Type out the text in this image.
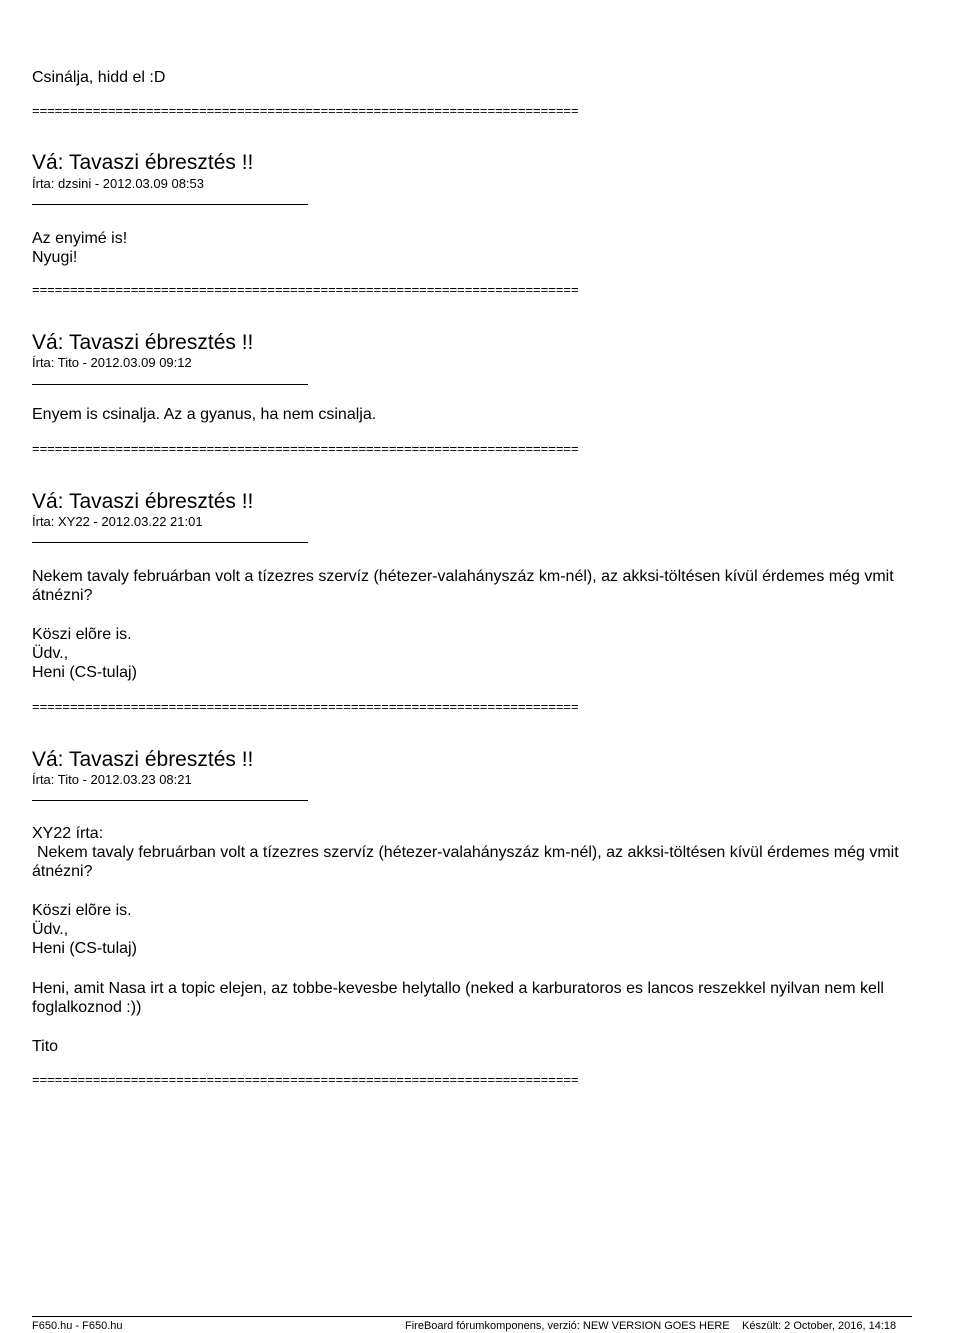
Csinálja, hidd el :D
========================================================================
Vá: Tavaszi ébresztés !!
Írta: dzsini - 2012.03.09 08:53
Az enyimé is!
Nyugi!
========================================================================
Vá: Tavaszi ébresztés !!
Írta: Tito - 2012.03.09 09:12
Enyem is csinalja. Az a gyanus, ha nem csinalja.
========================================================================
Vá: Tavaszi ébresztés !!
Írta: XY22 - 2012.03.22 21:01
Nekem tavaly februárban volt a tízezres szervíz (hétezer-valahányszáz km-nél), az akksi-töltésen kívül érdemes még vmit átnézni?
Köszi elõre is.
Üdv.,
Heni (CS-tulaj)
========================================================================
Vá: Tavaszi ébresztés !!
Írta: Tito - 2012.03.23 08:21
XY22 írta:
Nekem tavaly februárban volt a tízezres szervíz (hétezer-valahányszáz km-nél), az akksi-töltésen kívül érdemes még vmit átnézni?
Köszi elõre is.
Üdv.,
Heni (CS-tulaj)
Heni, amit Nasa irt a topic elejen, az tobbe-kevesbe helytallo (neked a karburatoros es lancos reszekkel nyilvan nem kell foglalkoznod :))
Tito
========================================================================
F650.hu - F650.hu	FireBoard fórumkomponens, verzió: NEW VERSION GOES HERE Készült: 2 October, 2016, 14:18
